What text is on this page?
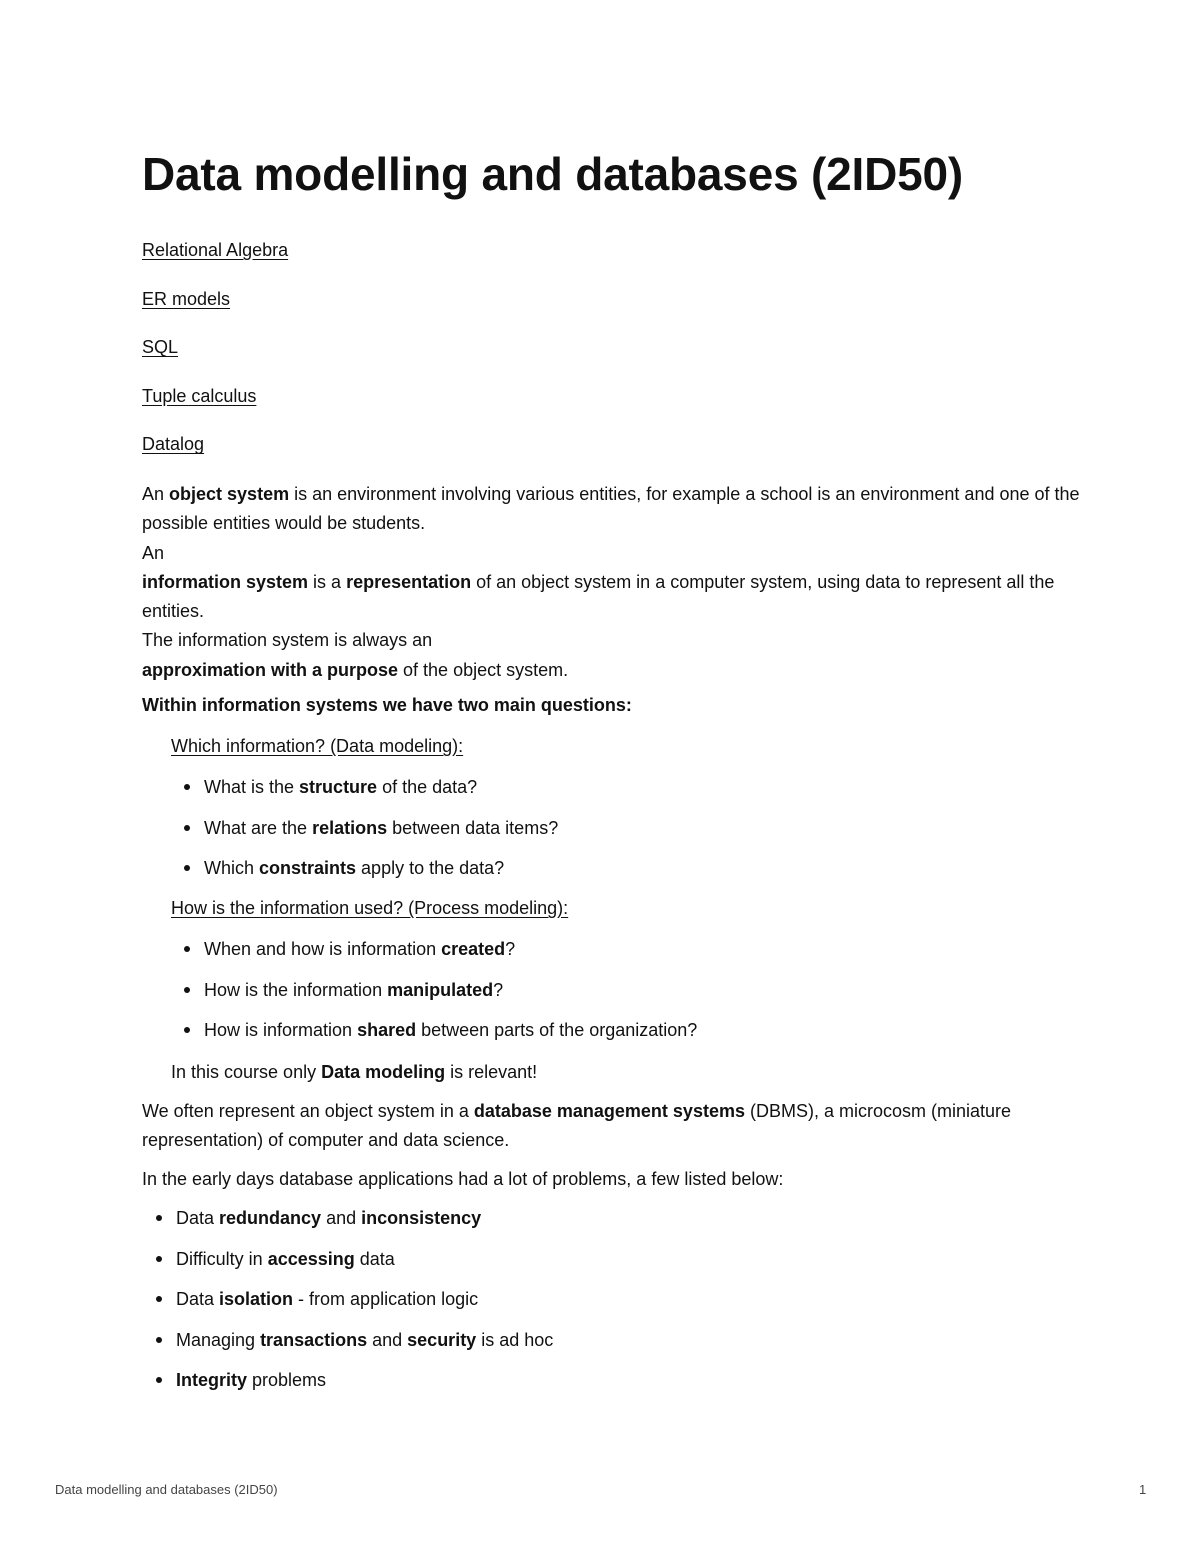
Data modelling and databases (2ID50)
Relational Algebra
ER models
SQL
Tuple calculus
Datalog

An object system is an environment involving various entities, for example a school is an environment and one of the possible entities would be students.
An
information system is a representation of an object system in a computer system, using data to represent all the entities.
The information system is always an
approximation with a purpose of the object system.

Within information systems we have two main questions:

Which information? (Data modeling):

What is the structure of the data?
What are the relations between data items?
Which constraints apply to the data?

How is the information used? (Process modeling):

When and how is information created?
How is the information manipulated?
How is information shared between parts of the organization?

In this course only Data modeling is relevant!

We often represent an object system in a database management systems (DBMS), a microcosm (miniature representation) of computer and data science.

In the early days database applications had a lot of problems, a few listed below:

Data redundancy and inconsistency
Difficulty in accessing data
Data isolation - from application logic
Managing transactions and security is ad hoc
Integrity problems
Data modelling and databases (2ID50)	1
